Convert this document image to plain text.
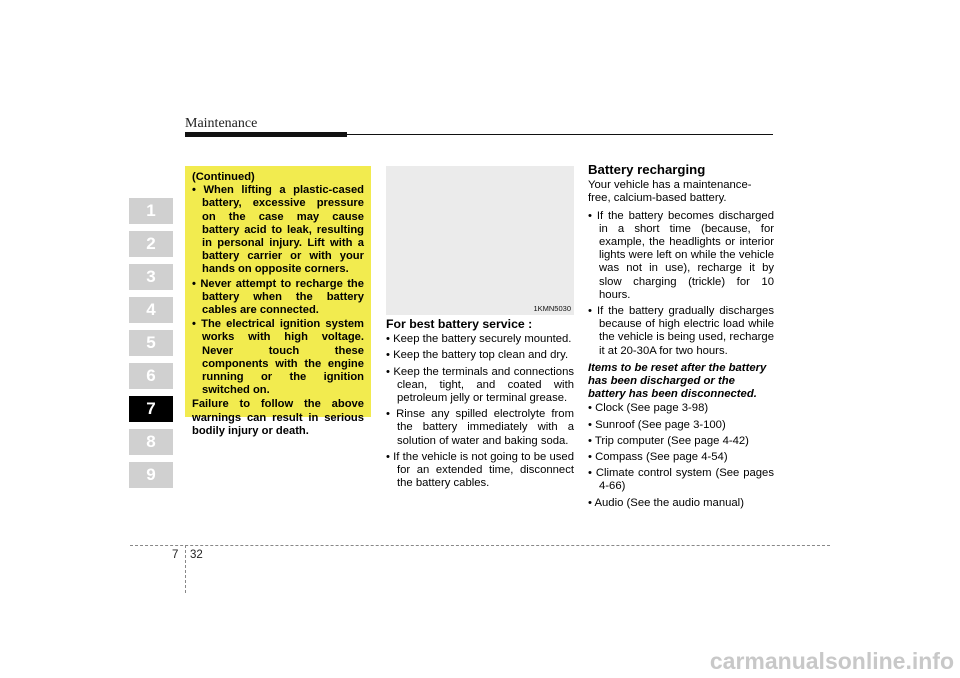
Maintenance
1
2
3
4
5
6
7
8
9

(Continued)

• When lifting a plastic-cased battery, excessive pressure on the case may cause battery acid to leak, resulting in personal injury. Lift with a battery carrier or with your hands on opposite corners.
• Never attempt to recharge the battery when the battery cables are connected.
• The electrical ignition system works with high voltage. Never touch these components with the engine running or the ignition switched on.

Failure to follow the above warnings can result in serious bodily injury or death.

1KMN5030
For best battery service :
• Keep the battery securely mounted.
• Keep the battery top clean and dry.
• Keep the terminals and connections clean, tight, and coated with petroleum jelly or terminal grease.
• Rinse any spilled electrolyte from the battery immediately with a solution of water and baking soda.
• If the vehicle is not going to be used for an extended time, disconnect the battery cables.
Battery recharging

Your vehicle has a maintenance-free, calcium-based battery.

• If the battery becomes discharged in a short time (because, for example, the headlights or interior lights were left on while the vehicle was not in use), recharge it by slow charging (trickle) for 10 hours.
• If the battery gradually discharges because of high electric load while the vehicle is being used, recharge it at 20-30A for two hours.

Items to be reset after the battery has been discharged or the battery has been disconnected.

• Clock (See page 3-98)
• Sunroof (See page 3-100)
• Trip computer (See page 4-42)
• Compass (See page 4-54)
• Climate control system (See pages 4-66)
• Audio (See the audio manual)
7 32
carmanualsonline.info
